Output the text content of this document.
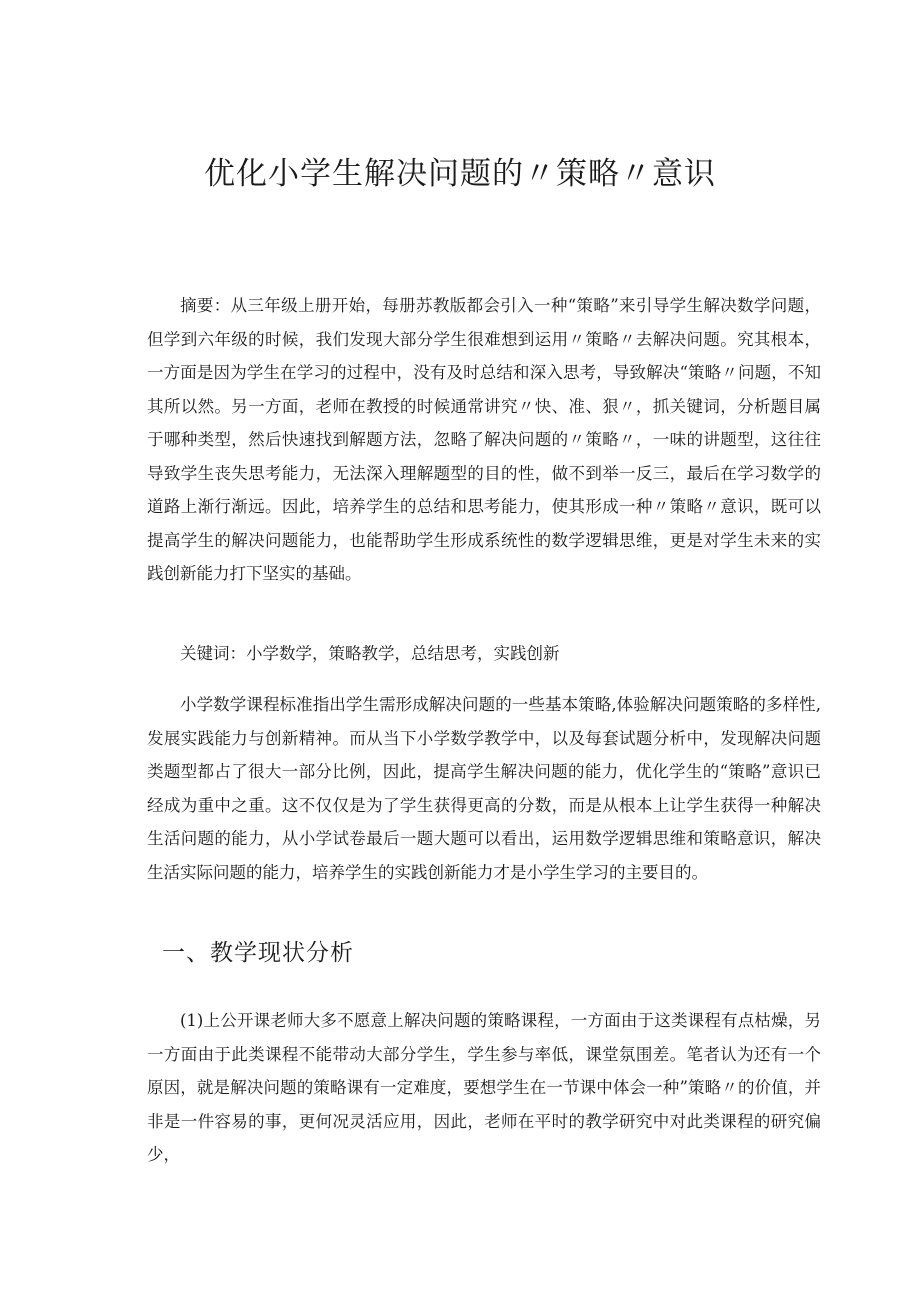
优化小学生解决问题的〃策略〃意识

摘要：从三年级上册开始，每册苏教版都会引入一种“策略”来引导学生解决数学问题，但学到六年级的时候，我们发现大部分学生很难想到运用〃策略〃去解决问题。究其根本，一方面是因为学生在学习的过程中，没有及时总结和深入思考，导致解决“策略〃问题，不知其所以然。另一方面，老师在教授的时候通常讲究〃快、准、狠〃，抓关键词，分析题目属于哪种类型，然后快速找到解题方法，忽略了解决问题的〃策略〃，一味的讲题型，这往往导致学生丧失思考能力，无法深入理解题型的目的性，做不到举一反三，最后在学习数学的道路上渐行渐远。因此，培养学生的总结和思考能力，使其形成一种〃策略〃意识，既可以提高学生的解决问题能力，也能帮助学生形成系统性的数学逻辑思维，更是对学生未来的实践创新能力打下坚实的基础。

关键词：小学数学，策略教学，总结思考，实践创新

小学数学课程标准指出学生需形成解决问题的一些基本策略,体验解决问题策略的多样性,发展实践能力与创新精神。而从当下小学数学教学中，以及每套试题分析中，发现解决问题类题型都占了很大一部分比例，因此，提高学生解决问题的能力，优化学生的“策略”意识已经成为重中之重。这不仅仅是为了学生获得更高的分数，而是从根本上让学生获得一种解决生活问题的能力，从小学试卷最后一题大题可以看出，运用数学逻辑思维和策略意识，解决生活实际问题的能力，培养学生的实践创新能力才是小学生学习的主要目的。

一、教学现状分析

(1)上公开课老师大多不愿意上解决问题的策略课程，一方面由于这类课程有点枯燥，另一方面由于此类课程不能带动大部分学生，学生参与率低，课堂氛围差。笔者认为还有一个原因，就是解决问题的策略课有一定难度，要想学生在一节课中体会一种”策略〃的价值，并非是一件容易的事，更何况灵活应用，因此，老师在平时的教学研究中对此类课程的研究偏少，
